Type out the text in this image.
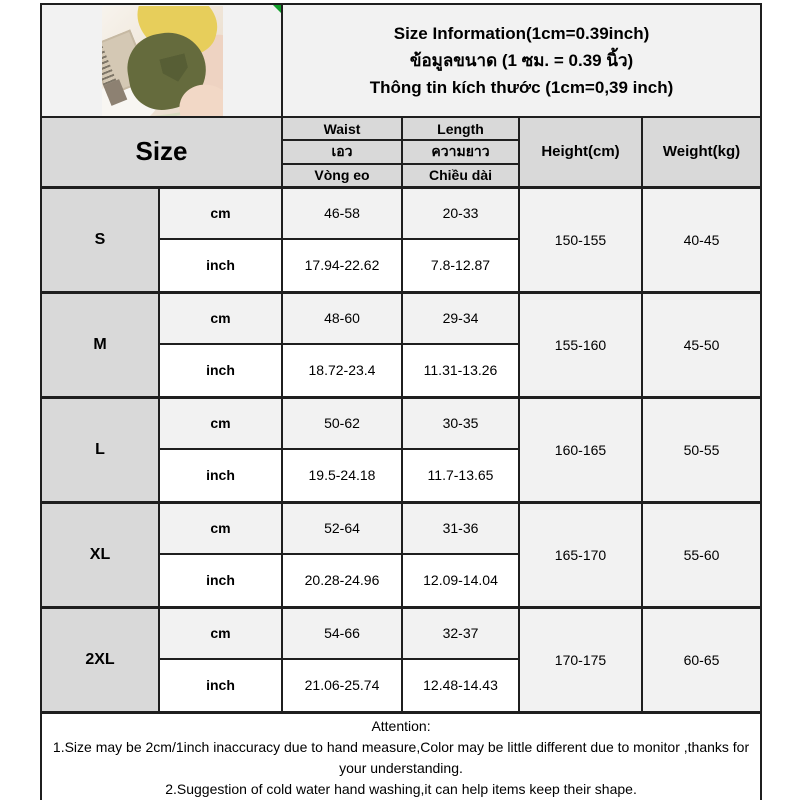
		Size Information(1cm=0.39inch)
ข้อมูลขนาด (1 ซม. = 0.39 นิ้ว)
Thông tin kích thước (1cm=0,39 inch)			

Size		Waist	Length	Height(cm)	Weight(kg)
		เอว	ความยาว		
		Vòng eo	Chiều dài		
S	cm	46-58	20-33	150-155	40-45
	inch	17.94-22.62	7.8-12.87		
M	cm	48-60	29-34	155-160	45-50
	inch	18.72-23.4	11.31-13.26		
L	cm	50-62	30-35	160-165	50-55
	inch	19.5-24.18	11.7-13.65		
XL	cm	52-64	31-36	165-170	55-60
	inch	20.28-24.96	12.09-14.04		
2XL	cm	54-66	32-37	170-175	60-65
	inch	21.06-25.74	12.48-14.43		

Attention:
1.Size may be 2cm/1inch inaccuracy due to hand measure,Color may be little different due to monitor ,thanks for your understanding.
2.Suggestion of cold water hand washing,it can help items keep their shape.					
